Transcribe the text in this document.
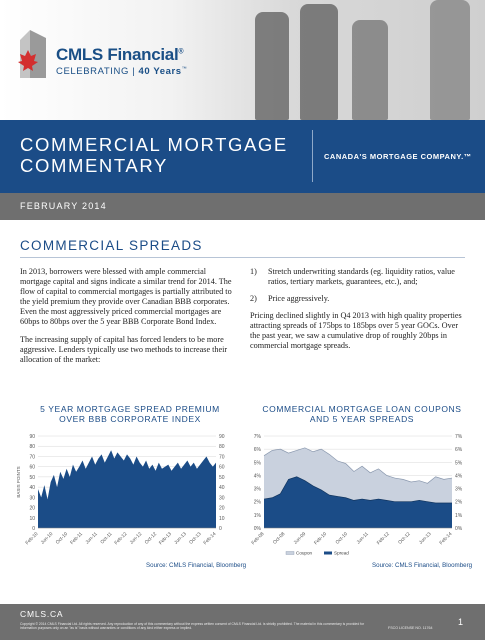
CMLS Financial®
CELEBRATING | 40 Years™
COMMERCIAL MORTGAGE
COMMENTARY	CANADA'S MORTGAGE COMPANY.™
FEBRUARY 2014
COMMERCIAL SPREADS

In 2013, borrowers were blessed with ample commercial mortgage capital and signs indicate a similar trend for 2014. The flow of capital to commercial mortgages is partially attributed to the yield premium they provide over Canadian BBB corporates. Even the most aggressively priced commercial mortgages are 60bps to 80bps over the 5 year BBB Corporate Bond Index.

The increasing supply of capital has forced lenders to be more aggressive. Lenders typically use two methods to increase their allocation of the market:

1)	Stretch underwriting standards (eg. liquidity ratios, value ratios, tertiary markets, guarantees, etc.), and;
2)	Price aggressively.

Pricing declined slightly in Q4 2013 with high quality properties attracting spreads of 175bps to 185bps over 5 year GOCs. Over the past year, we saw a cumulative drop of roughly 20bps in commercial mortgage spreads.

5 YEAR MORTGAGE SPREAD PREMIUM OVER BBB CORPORATE INDEX
0	0
10	10
20	20
30	30
40	40
50	50
60	60
70	70
80	80
90	90
BASIS POINTS
Feb-10 Jun-10 Oct-10 Feb-11 Jun-11 Oct-11 Feb-12 Jun-12 Oct-12 Feb-13 Jun-13 Oct-13 Feb-14
Source: CMLS Financial, Bloomberg
COMMERCIAL MORTGAGE LOAN COUPONS AND 5 YEAR SPREADS
0%	0%
1%	1%
2%	2%
3%	3%
4%	4%
5%	5%
6%	6%
7%	7%
Feb-08 Oct-08 Jun-09 Feb-10 Oct-10 Jun-11 Feb-12 Oct-12 Jun-13 Feb-14
Coupon	Spread
Source: CMLS Financial, Bloomberg
CMLS.CA
Copyright © 2014 CMLS Financial Ltd. All rights reserved. Any reproduction of any of this commentary without the express written consent of CMLS Financial Ltd. is strictly prohibited. The material in this commentary is provided for information purposes only on an "as is" basis without warranties or conditions of any kind either express or implied.	FSCO LICENSE NO. 11764
1
